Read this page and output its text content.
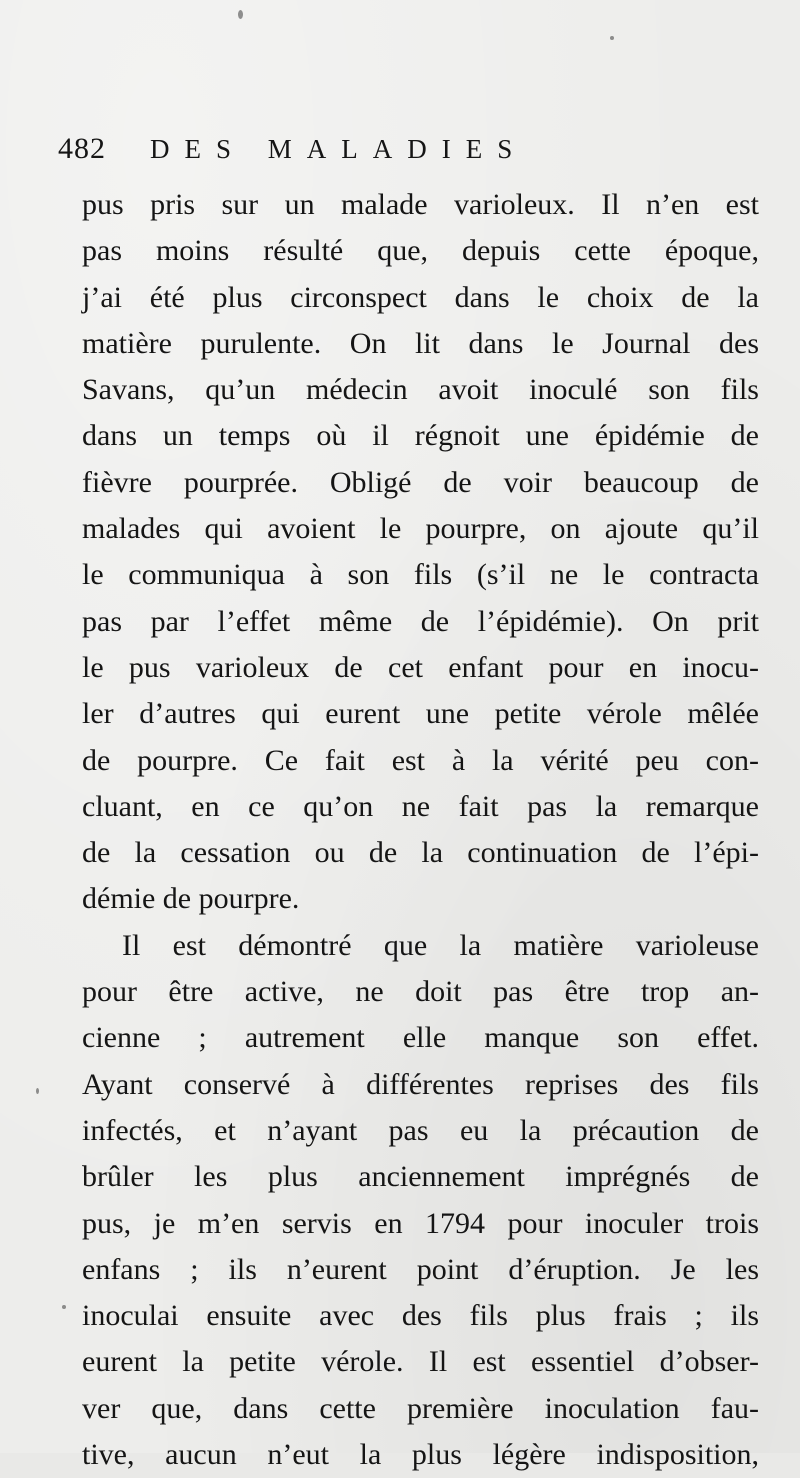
482 DES MALADIES
pus pris sur un malade varioleux. Il n’en est
pas moins résulté que, depuis cette époque,
j’ai été plus circonspect dans le choix de la
matière purulente. On lit dans le Journal des
Savans, qu’un médecin avoit inoculé son fils
dans un temps où il régnoit une épidémie de
fièvre pourprée. Obligé de voir beaucoup de
malades qui avoient le pourpre, on ajoute qu’il
le communiqua à son fils (s’il ne le contracta
pas par l’effet même de l’épidémie). On prit
le pus varioleux de cet enfant pour en inocu-
ler d’autres qui eurent une petite vérole mêlée
de pourpre. Ce fait est à la vérité peu con-
cluant, en ce qu’on ne fait pas la remarque
de la cessation ou de la continuation de l’épi-
démie de pourpre.
Il est démontré que la matière varioleuse
pour être active, ne doit pas être trop an-
cienne ; autrement elle manque son effet.
Ayant conservé à différentes reprises des fils
infectés, et n’ayant pas eu la précaution de
brûler les plus anciennement imprégnés de
pus, je m’en servis en 1794 pour inoculer trois
enfans ; ils n’eurent point d’éruption. Je les
inoculai ensuite avec des fils plus frais ; ils
eurent la petite vérole. Il est essentiel d’obser-
ver que, dans cette première inoculation fau-
tive, aucun n’eut la plus légère indisposition,
